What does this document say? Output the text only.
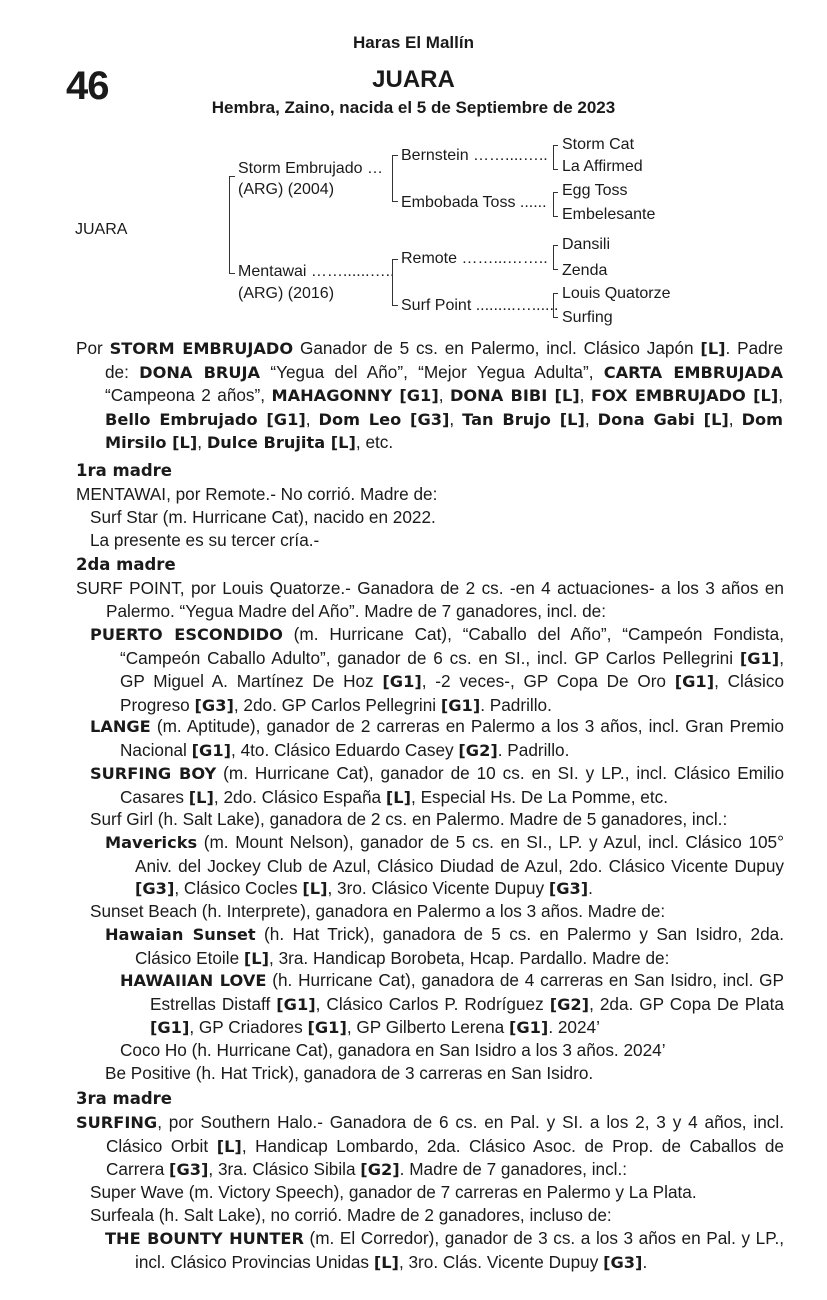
Haras El Mallín
46	JUARA
Hembra, Zaino, nacida el 5 de Septiembre de 2023
JUARA
Storm Embrujado …
(ARG) (2004)
Mentawai ……......…..
(ARG) (2016)
Bernstein ……....…..
Embobada Toss ......
Remote ……...……..
Surf Point .........…......
Storm Cat
La Affirmed
Egg Toss
Embelesante
Dansili
Zenda
Louis Quatorze
Surfing
Por STORM EMBRUJADO Ganador de 5 cs. en Palermo, incl. Clásico Japón [L]. Padre de: DONA BRUJA “Yegua del Año”, “Mejor Yegua Adulta”, CARTA EMBRUJADA “Campeona 2 años”, MAHAGONNY [G1], DONA BIBI [L], FOX EMBRUJADO [L], Bello Embrujado [G1], Dom Leo [G3], Tan Brujo [L], Dona Gabi [L], Dom Mirsilo [L], Dulce Brujita [L], etc.
1ra madre
MENTAWAI, por Remote.- No corrió. Madre de:
Surf Star (m. Hurricane Cat), nacido en 2022.
La presente es su tercer cría.-
2da madre
SURF POINT, por Louis Quatorze.- Ganadora de 2 cs. -en 4 actuaciones- a los 3 años en Palermo. “Yegua Madre del Año”. Madre de 7 ganadores, incl. de:
PUERTO ESCONDIDO (m. Hurricane Cat), “Caballo del Año”, “Campeón Fondista, “Campeón Caballo Adulto”, ganador de 6 cs. en SI., incl. GP Carlos Pellegrini [G1], GP Miguel A. Martínez De Hoz [G1], -2 veces-, GP Copa De Oro [G1], Clásico Progreso [G3], 2do. GP Carlos Pellegrini [G1]. Padrillo.
LANGE (m. Aptitude), ganador de 2 carreras en Palermo a los 3 años, incl. Gran Premio Nacional [G1], 4to. Clásico Eduardo Casey [G2]. Padrillo.
SURFING BOY (m. Hurricane Cat), ganador de 10 cs. en SI. y LP., incl. Clásico Emilio Casares [L], 2do. Clásico España [L], Especial Hs. De La Pomme, etc.
Surf Girl (h. Salt Lake), ganadora de 2 cs. en Palermo. Madre de 5 ganadores, incl.:
Mavericks (m. Mount Nelson), ganador de 5 cs. en SI., LP. y Azul, incl. Clásico 105° Aniv. del Jockey Club de Azul, Clásico Diudad de Azul, 2do. Clásico Vicente Dupuy [G3], Clásico Cocles [L], 3ro. Clásico Vicente Dupuy [G3].
Sunset Beach (h. Interprete), ganadora en Palermo a los 3 años. Madre de:
Hawaian Sunset (h. Hat Trick), ganadora de 5 cs. en Palermo y San Isidro, 2da. Clásico Etoile [L], 3ra. Handicap Borobeta, Hcap. Pardallo. Madre de:
HAWAIIAN LOVE (h. Hurricane Cat), ganadora de 4 carreras en San Isidro, incl. GP Estrellas Distaff [G1], Clásico Carlos P. Rodríguez [G2], 2da. GP Copa De Plata [G1], GP Criadores [G1], GP Gilberto Lerena [G1]. 2024’
Coco Ho (h. Hurricane Cat), ganadora en San Isidro a los 3 años. 2024’
Be Positive (h. Hat Trick), ganadora de 3 carreras en San Isidro.
3ra madre
SURFING, por Southern Halo.- Ganadora de 6 cs. en Pal. y SI. a los 2, 3 y 4 años, incl. Clásico Orbit [L], Handicap Lombardo, 2da. Clásico Asoc. de Prop. de Caballos de Carrera [G3], 3ra. Clásico Sibila [G2]. Madre de 7 ganadores, incl.:
Super Wave (m. Victory Speech), ganador de 7 carreras en Palermo y La Plata.
Surfeala (h. Salt Lake), no corrió. Madre de 2 ganadores, incluso de:
THE BOUNTY HUNTER (m. El Corredor), ganador de 3 cs. a los 3 años en Pal. y LP., incl. Clásico Provincias Unidas [L], 3ro. Clás. Vicente Dupuy [G3].
